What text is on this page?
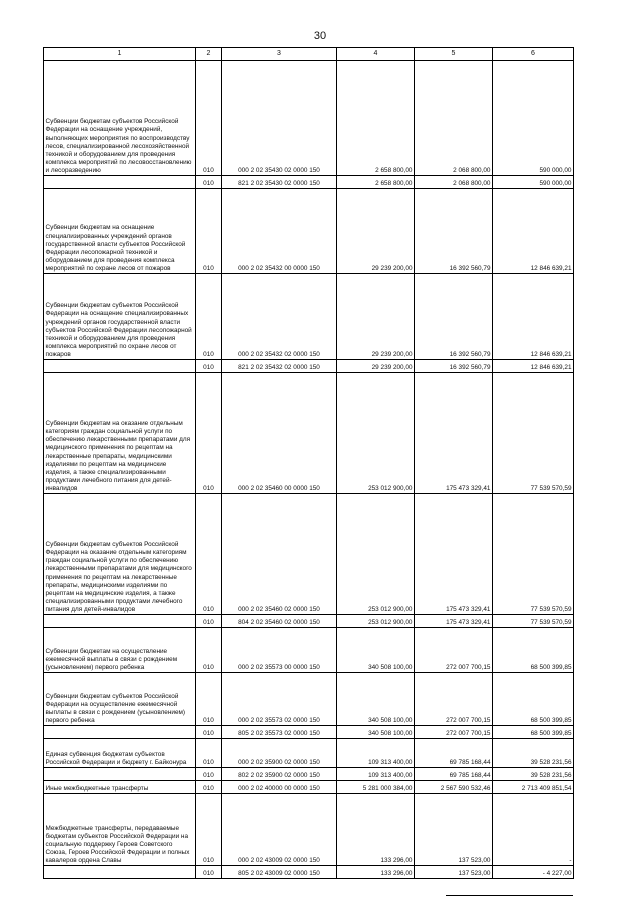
30
1	2	3	4	5	6
Субвенции бюджетам субъектов Российской Федерации на оснащение учреждений, выполняющих мероприятия по воспроизводству лесов, специализированной лесохозяйственной техникой и оборудованием для проведения комплекса мероприятий по лесовосстановлению и лесоразведению	010	000 2 02 35430 02 0000 150	2 658 800,00	2 068 800,00	590 000,00
	010	821 2 02 35430 02 0000 150	2 658 800,00	2 068 800,00	590 000,00
Субвенции бюджетам на оснащение специализированных учреждений органов государственной власти субъектов Российской Федерации лесопожарной техникой и оборудованием для проведения комплекса мероприятий по охране лесов от пожаров	010	000 2 02 35432 00 0000 150	29 239 200,00	16 392 560,79	12 846 639,21
Субвенции бюджетам субъектов Российской Федерации на оснащение специализированных учреждений органов государственной власти субъектов Российской Федерации лесопожарной техникой и оборудованием для проведения комплекса мероприятий по охране лесов от пожаров	010	000 2 02 35432 02 0000 150	29 239 200,00	16 392 560,79	12 846 639,21
	010	821 2 02 35432 02 0000 150	29 239 200,00	16 392 560,79	12 846 639,21
Субвенции бюджетам на оказание отдельным категориям граждан социальной услуги по обеспечению лекарственными препаратами для медицинского применения по рецептам на лекарственные препараты, медицинскими изделиями по рецептам на медицинские изделия, а также специализированными продуктами лечебного питания для детей-инвалидов	010	000 2 02 35460 00 0000 150	253 012 900,00	175 473 329,41	77 539 570,59
Субвенции бюджетам субъектов Российской Федерации на оказание отдельным категориям граждан социальной услуги по обеспечению лекарственными препаратами для медицинского применения по рецептам на лекарственные препараты, медицинскими изделиями по рецептам на медицинские изделия, а также специализированными продуктами лечебного питания для детей-инвалидов	010	000 2 02 35460 02 0000 150	253 012 900,00	175 473 329,41	77 539 570,59
	010	804 2 02 35460 02 0000 150	253 012 900,00	175 473 329,41	77 539 570,59
Субвенции бюджетам на осуществление ежемесячной выплаты в связи с рождением (усыновлением) первого ребенка	010	000 2 02 35573 00 0000 150	340 508 100,00	272 007 700,15	68 500 399,85
Субвенции бюджетам субъектов Российской Федерации на осуществление ежемесячной выплаты в связи с рождением (усыновлением) первого ребенка	010	000 2 02 35573 02 0000 150	340 508 100,00	272 007 700,15	68 500 399,85
	010	805 2 02 35573 02 0000 150	340 508 100,00	272 007 700,15	68 500 399,85
Единая субвенция бюджетам субъектов Российской Федерации и бюджету г. Байконура	010	000 2 02 35900 02 0000 150	109 313 400,00	69 785 168,44	39 528 231,56
	010	802 2 02 35900 02 0000 150	109 313 400,00	69 785 168,44	39 528 231,56
Иные межбюджетные трансферты	010	000 2 02 40000 00 0000 150	5 281 000 384,00	2 567 590 532,46	2 713 409 851,54
Межбюджетные трансферты, передаваемые бюджетам субъектов Российской Федерации на социальную поддержку Героев Советского Союза, Героев Российской Федерации и полных кавалеров ордена Славы	010	000 2 02 43009 02 0000 150	133 296,00	137 523,00	-
	010	805 2 02 43009 02 0000 150	133 296,00	137 523,00	- 4 227,00
